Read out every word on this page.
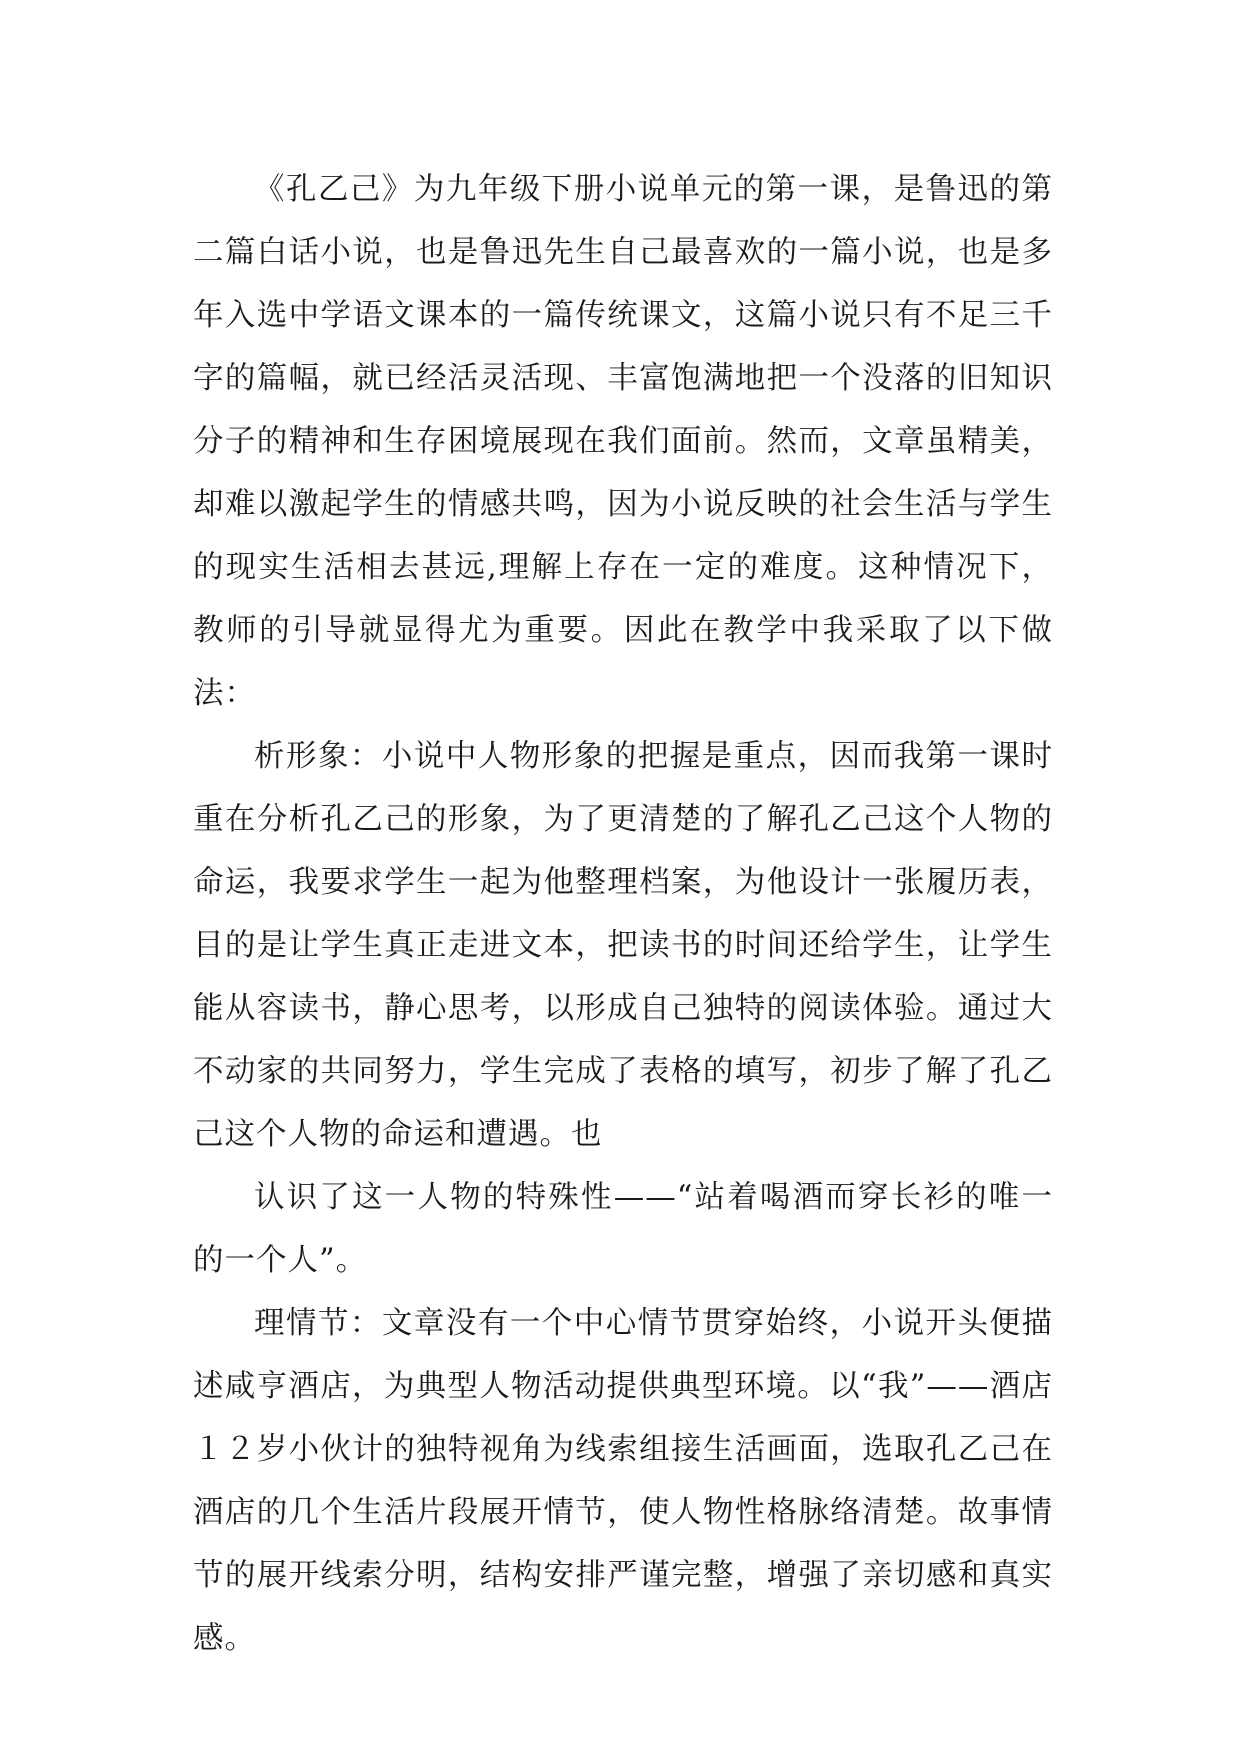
《孔乙己》为九年级下册小说单元的第一课，是鲁迅的第二篇白话小说，也是鲁迅先生自己最喜欢的一篇小说，也是多年入选中学语文课本的一篇传统课文，这篇小说只有不足三千字的篇幅，就已经活灵活现、丰富饱满地把一个没落的旧知识分子的精神和生存困境展现在我们面前。然而，文章虽精美，却难以激起学生的情感共鸣，因为小说反映的社会生活与学生的现实生活相去甚远,理解上存在一定的难度。这种情况下，教师的引导就显得尤为重要。因此在教学中我采取了以下做法：

析形象：小说中人物形象的把握是重点，因而我第一课时重在分析孔乙己的形象，为了更清楚的了解孔乙己这个人物的命运，我要求学生一起为他整理档案，为他设计一张履历表，目的是让学生真正走进文本，把读书的时间还给学生，让学生能从容读书，静心思考，以形成自己独特的阅读体验。通过大不动家的共同努力，学生完成了表格的填写，初步了解了孔乙己这个人物的命运和遭遇。也

认识了这一人物的特殊性——“站着喝酒而穿长衫的唯一的一个人”。

理情节：文章没有一个中心情节贯穿始终，小说开头便描述咸亨酒店，为典型人物活动提供典型环境。以“我”——酒店１２岁小伙计的独特视角为线索组接生活画面，选取孔乙己在酒店的几个生活片段展开情节，使人物性格脉络清楚。故事情节的展开线索分明，结构安排严谨完整，增强了亲切感和真实感。
